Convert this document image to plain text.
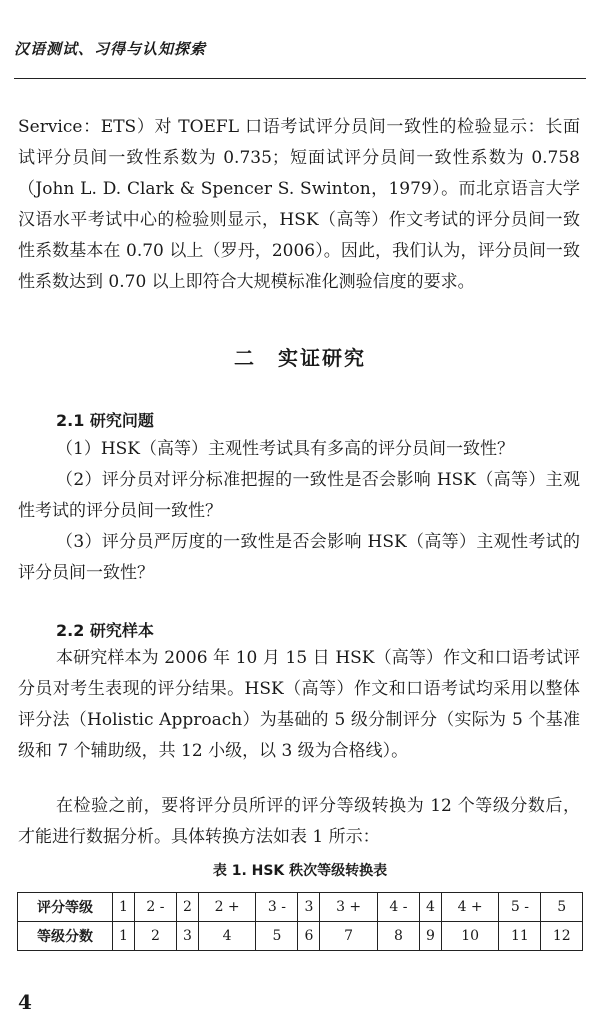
汉语测试、习得与认知探索

Service：ETS）对 TOEFL 口语考试评分员间一致性的检验显示：长面试评分员间一致性系数为 0.735；短面试评分员间一致性系数为 0.758（John L. D. Clark & Spencer S. Swinton，1979）。而北京语言大学汉语水平考试中心的检验则显示，HSK（高等）作文考试的评分员间一致性系数基本在 0.70 以上（罗丹，2006）。因此，我们认为，评分员间一致性系数达到 0.70 以上即符合大规模标准化测验信度的要求。

二　实证研究
2.1 研究问题

（1）HSK（高等）主观性考试具有多高的评分员间一致性？

（2）评分员对评分标准把握的一致性是否会影响 HSK（高等）主观性考试的评分员间一致性？

（3）评分员严厉度的一致性是否会影响 HSK（高等）主观性考试的评分员间一致性？

2.2 研究样本

本研究样本为 2006 年 10 月 15 日 HSK（高等）作文和口语考试评分员对考生表现的评分结果。HSK（高等）作文和口语考试均采用以整体评分法（Holistic Approach）为基础的 5 级分制评分（实际为 5 个基准级和 7 个辅助级，共 12 小级，以 3 级为合格线）。

在检验之前，要将评分员所评的评分等级转换为 12 个等级分数后，才能进行数据分析。具体转换方法如表 1 所示：

表 1. HSK 秩次等级转换表
评分等级	1	2 -	2	2 +	3 -	3	3 +	4 -	4	4 +	5 -	5
等级分数	1	2	3	4	5	6	7	8	9	10	11	12
4
